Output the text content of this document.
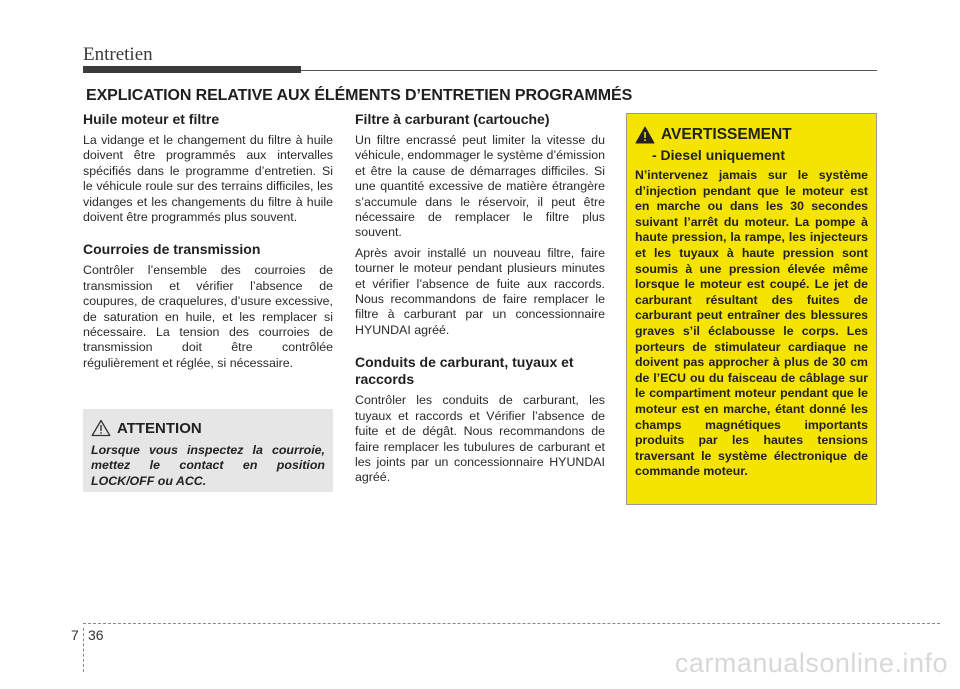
Entretien
EXPLICATION RELATIVE AUX ÉLÉMENTS D’ENTRETIEN PROGRAMMÉS
Huile moteur et filtre

La vidange et le changement du filtre à huile doivent être programmés aux intervalles spécifiés dans le programme d’entretien. Si le véhicule roule sur des terrains difficiles, les vidanges et les changements du filtre à huile doivent être programmés plus souvent.

Courroies de transmission

Contrôler l’ensemble des courroies de transmission et vérifier l’absence de coupures, de craquelures, d’usure excessive, de saturation en huile, et les remplacer si nécessaire. La tension des courroies de transmission doit être contrôlée régulièrement et réglée, si nécessaire.

ATTENTION
Lorsque vous inspectez la courroie, mettez le contact en position LOCK/OFF ou ACC.
Filtre à carburant (cartouche)

Un filtre encrassé peut limiter la vitesse du véhicule, endommager le système d’émission et être la cause de démarrages difficiles. Si une quantité excessive de matière étrangère s’accumule dans le réservoir, il peut être nécessaire de remplacer le filtre plus souvent.

Après avoir installé un nouveau filtre, faire tourner le moteur pendant plusieurs minutes et vérifier l’absence de fuite aux raccords. Nous recommandons de faire remplacer le filtre à carburant par un concessionnaire HYUNDAI agréé.

Conduits de carburant, tuyaux et raccords

Contrôler les conduits de carburant, les tuyaux et raccords et Vérifier l’absence de fuite et de dégât. Nous recommandons de faire remplacer les tubulures de carburant et les joints par un concessionnaire HYUNDAI agréé.

AVERTISSEMENT
- Diesel uniquement
N’intervenez jamais sur le système d’injection pendant que le moteur est en marche ou dans les 30 secondes suivant l’arrêt du moteur. La pompe à haute pression, la rampe, les injecteurs et les tuyaux à haute pression sont soumis à une pression élevée même lorsque le moteur est coupé. Le jet de carburant résultant des fuites de carburant peut entraîner des blessures graves s’il éclabousse le corps. Les porteurs de stimulateur cardiaque ne doivent pas approcher à plus de 30 cm de l’ECU ou du faisceau de câblage sur le compartiment moteur pendant que le moteur est en marche, étant donné les champs magnétiques importants produits par les hautes tensions traversant le système électronique de commande moteur.
7 36
carmanualsonline.info
